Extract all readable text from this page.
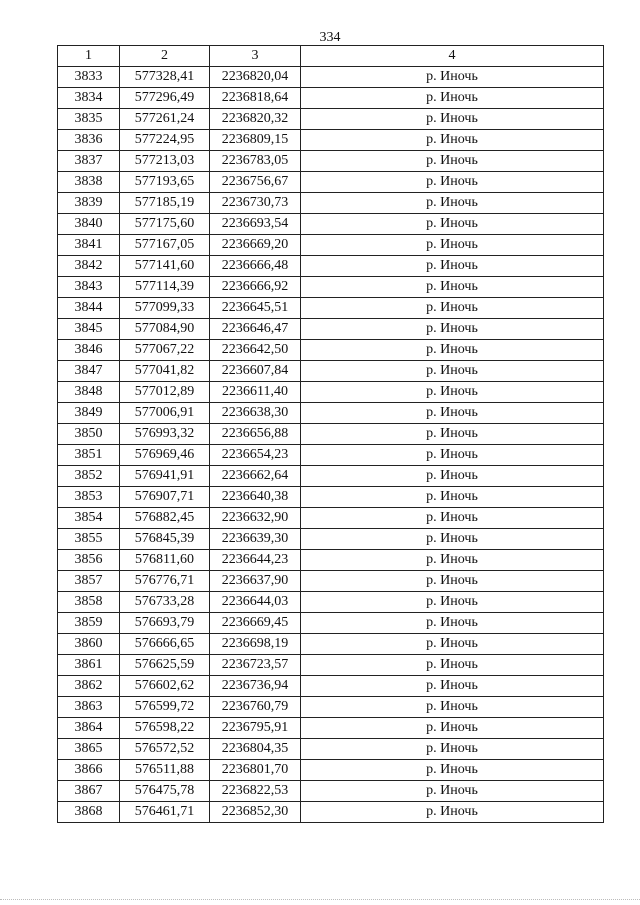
334
1	2	3	4
3833	577328,41	2236820,04	р. Иночь
3834	577296,49	2236818,64	р. Иночь
3835	577261,24	2236820,32	р. Иночь
3836	577224,95	2236809,15	р. Иночь
3837	577213,03	2236783,05	р. Иночь
3838	577193,65	2236756,67	р. Иночь
3839	577185,19	2236730,73	р. Иночь
3840	577175,60	2236693,54	р. Иночь
3841	577167,05	2236669,20	р. Иночь
3842	577141,60	2236666,48	р. Иночь
3843	577114,39	2236666,92	р. Иночь
3844	577099,33	2236645,51	р. Иночь
3845	577084,90	2236646,47	р. Иночь
3846	577067,22	2236642,50	р. Иночь
3847	577041,82	2236607,84	р. Иночь
3848	577012,89	2236611,40	р. Иночь
3849	577006,91	2236638,30	р. Иночь
3850	576993,32	2236656,88	р. Иночь
3851	576969,46	2236654,23	р. Иночь
3852	576941,91	2236662,64	р. Иночь
3853	576907,71	2236640,38	р. Иночь
3854	576882,45	2236632,90	р. Иночь
3855	576845,39	2236639,30	р. Иночь
3856	576811,60	2236644,23	р. Иночь
3857	576776,71	2236637,90	р. Иночь
3858	576733,28	2236644,03	р. Иночь
3859	576693,79	2236669,45	р. Иночь
3860	576666,65	2236698,19	р. Иночь
3861	576625,59	2236723,57	р. Иночь
3862	576602,62	2236736,94	р. Иночь
3863	576599,72	2236760,79	р. Иночь
3864	576598,22	2236795,91	р. Иночь
3865	576572,52	2236804,35	р. Иночь
3866	576511,88	2236801,70	р. Иночь
3867	576475,78	2236822,53	р. Иночь
3868	576461,71	2236852,30	р. Иночь
